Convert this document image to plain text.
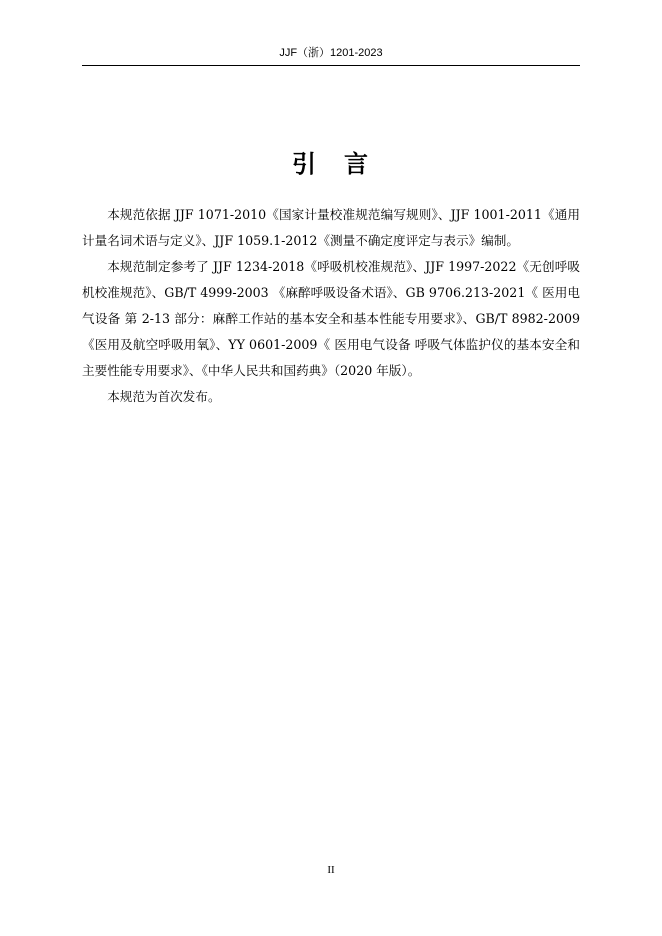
JJF（浙）1201-2023
引 言

本规范依据 JJF 1071-2010《国家计量校准规范编写规则》、JJF 1001-2011《通用计量名词术语与定义》、JJF 1059.1-2012《测量不确定度评定与表示》编制。

本规范制定参考了 JJF 1234-2018《呼吸机校准规范》、JJF 1997-2022《无创呼吸机校准规范》、GB/T 4999-2003 《麻醉呼吸设备术语》、GB 9706.213-2021《 医用电气设备 第 2-13 部分：麻醉工作站的基本安全和基本性能专用要求》、GB/T 8982-2009《医用及航空呼吸用氧》、YY 0601-2009《 医用电气设备 呼吸气体监护仪的基本安全和主要性能专用要求》、《中华人民共和国药典》（2020 年版）。

本规范为首次发布。

II
